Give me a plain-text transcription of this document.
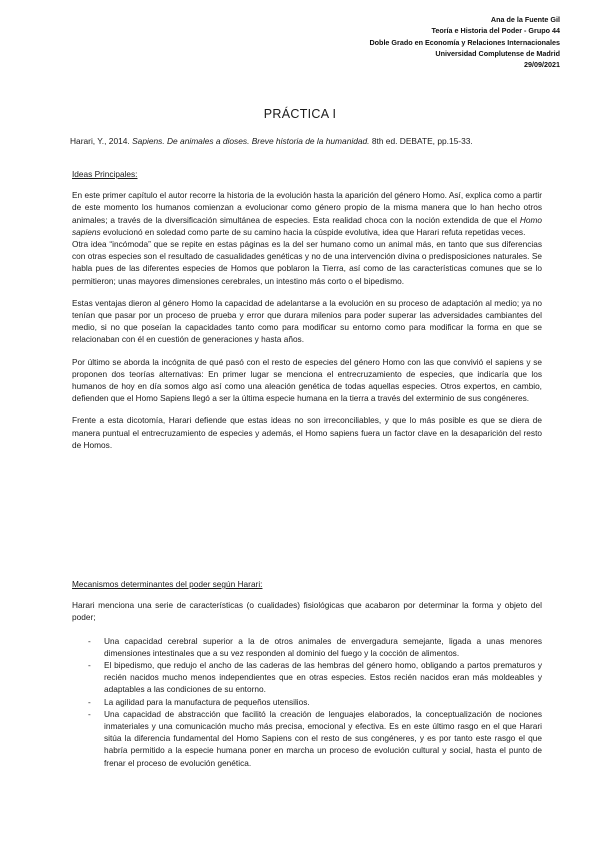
Ana de la Fuente Gil
Teoría e Historia del Poder - Grupo 44
Doble Grado en Economía y Relaciones Internacionales
Universidad Complutense de Madrid
29/09/2021
PRÁCTICA I
Harari, Y., 2014. Sapiens. De animales a dioses. Breve historia de la humanidad. 8th ed. DEBATE, pp.15-33.

Ideas Principales:

En este primer capítulo el autor recorre la historia de la evolución hasta la aparición del género Homo. Así, explica como a partir de este momento los humanos comienzan a evolucionar como género propio de la misma manera que lo han hecho otros animales; a través de la diversificación simultánea de especies. Esta realidad choca con la noción extendida de que el Homo sapiens evolucionó en soledad como parte de su camino hacia la cúspide evolutiva, idea que Harari refuta repetidas veces.

Otra idea “incómoda” que se repite en estas páginas es la del ser humano como un animal más, en tanto que sus diferencias con otras especies son el resultado de casualidades genéticas y no de una intervención divina o predisposiciones naturales. Se habla pues de las diferentes especies de Homos que poblaron la Tierra, así como de las características comunes que se lo permitieron; unas mayores dimensiones cerebrales, un intestino más corto o el bipedismo.

Estas ventajas dieron al género Homo la capacidad de adelantarse a la evolución en su proceso de adaptación al medio; ya no tenían que pasar por un proceso de prueba y error que durara milenios para poder superar las adversidades cambiantes del medio, si no que poseían la capacidades tanto como para modificar su entorno como para modificar la forma en que se relacionaban con él en cuestión de generaciones y hasta años.

Por último se aborda la incógnita de qué pasó con el resto de especies del género Homo con las que convivió el sapiens y se proponen dos teorías alternativas: En primer lugar se menciona el entrecruzamiento de especies, que indicaría que los humanos de hoy en día somos algo así como una aleación genética de todas aquellas especies. Otros expertos, en cambio, defienden que el Homo Sapiens llegó a ser la última especie humana en la tierra a través del exterminio de sus congéneres.

Frente a esta dicotomía, Harari defiende que estas ideas no son irreconciliables, y que lo más posible es que se diera de manera puntual el entrecruzamiento de especies y además, el Homo sapiens fuera un factor clave en la desaparición del resto de Homos.

Mecanismos determinantes del poder según Harari:

Harari menciona una serie de características (o cualidades) fisiológicas que acabaron por determinar la forma y objeto del poder;

- Una capacidad cerebral superior a la de otros animales de envergadura semejante, ligada a unas menores dimensiones intestinales que a su vez responden al dominio del fuego y la cocción de alimentos.
- El bipedismo, que redujo el ancho de las caderas de las hembras del género homo, obligando a partos prematuros y recién nacidos mucho menos independientes que en otras especies. Estos recién nacidos eran más moldeables y adaptables a las condiciones de su entorno.
- La agilidad para la manufactura de pequeños utensilios.
- Una capacidad de abstracción que facilitó la creación de lenguajes elaborados, la conceptualización de nociones inmateriales y una comunicación mucho más precisa, emocional y efectiva. Es en este último rasgo en el que Harari sitúa la diferencia fundamental del Homo Sapiens con el resto de sus congéneres, y es por tanto este rasgo el que habría permitido a la especie humana poner en marcha un proceso de evolución cultural y social, hasta el punto de frenar el proceso de evolución genética.
